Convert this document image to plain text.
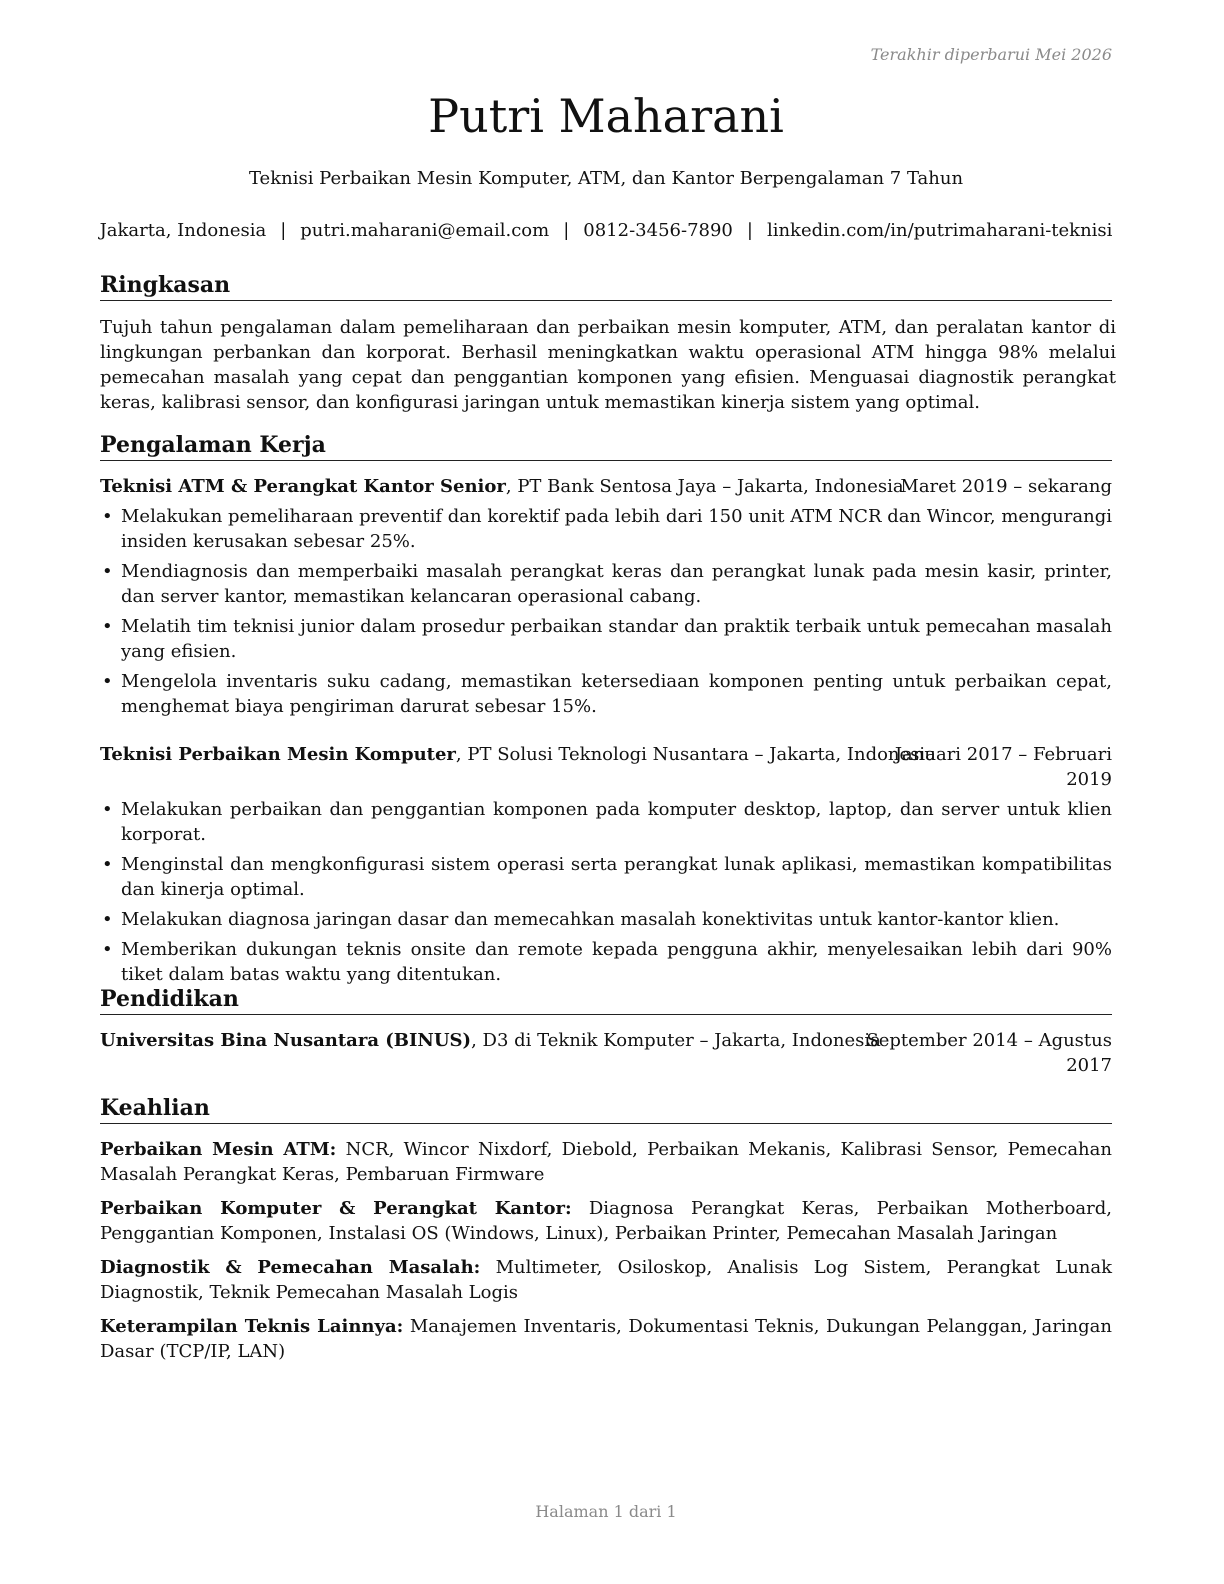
Terakhir diperbarui Mei 2026
Putri Maharani
Teknisi Perbaikan Mesin Komputer, ATM, dan Kantor Berpengalaman 7 Tahun
Jakarta, Indonesia | putri.maharani@email.com | 0812-3456-7890 | linkedin.com/in/putrimaharani-teknisi
Ringkasan
Tujuh tahun pengalaman dalam pemeliharaan dan perbaikan mesin komputer, ATM, dan peralatan kantor di lingkungan perbankan dan korporat. Berhasil meningkatkan waktu operasional ATM hingga 98% melalui pemecahan masalah yang cepat dan penggantian komponen yang efisien. Menguasai diagnostik perangkat keras, kalibrasi sensor, dan konfigurasi jaringan untuk memastikan kinerja sistem yang optimal.
Pengalaman Kerja
Teknisi ATM & Perangkat Kantor Senior, PT Bank Sentosa Jaya – Jakarta, Indonesia
Maret 2019 – sekarang
• Melakukan pemeliharaan preventif dan korektif pada lebih dari 150 unit ATM NCR dan Wincor, mengurangi insiden kerusakan sebesar 25%.
• Mendiagnosis dan memperbaiki masalah perangkat keras dan perangkat lunak pada mesin kasir, printer, dan server kantor, memastikan kelancaran operasional cabang.
• Melatih tim teknisi junior dalam prosedur perbaikan standar dan praktik terbaik untuk pemecahan masalah yang efisien.
• Mengelola inventaris suku cadang, memastikan ketersediaan komponen penting untuk perbaikan cepat, menghemat biaya pengiriman darurat sebesar 15%.
Teknisi Perbaikan Mesin Komputer, PT Solusi Teknologi Nusantara – Jakarta, Indonesia
Januari 2017 – Februari
2019
• Melakukan perbaikan dan penggantian komponen pada komputer desktop, laptop, dan server untuk klien korporat.
• Menginstal dan mengkonfigurasi sistem operasi serta perangkat lunak aplikasi, memastikan kompatibilitas dan kinerja optimal.
• Melakukan diagnosa jaringan dasar dan memecahkan masalah konektivitas untuk kantor-kantor klien.
• Memberikan dukungan teknis onsite dan remote kepada pengguna akhir, menyelesaikan lebih dari 90% tiket dalam batas waktu yang ditentukan.
Pendidikan
Universitas Bina Nusantara (BINUS), D3 di Teknik Komputer – Jakarta, Indonesia
September 2014 – Agustus
2017
Keahlian
Perbaikan Mesin ATM: NCR, Wincor Nixdorf, Diebold, Perbaikan Mekanis, Kalibrasi Sensor, Pemecahan Masalah Perangkat Keras, Pembaruan Firmware
Perbaikan Komputer & Perangkat Kantor: Diagnosa Perangkat Keras, Perbaikan Motherboard, Penggantian Komponen, Instalasi OS (Windows, Linux), Perbaikan Printer, Pemecahan Masalah Jaringan
Diagnostik & Pemecahan Masalah: Multimeter, Osiloskop, Analisis Log Sistem, Perangkat Lunak Diagnostik, Teknik Pemecahan Masalah Logis
Keterampilan Teknis Lainnya: Manajemen Inventaris, Dokumentasi Teknis, Dukungan Pelanggan, Jaringan Dasar (TCP/IP, LAN)
Halaman 1 dari 1
